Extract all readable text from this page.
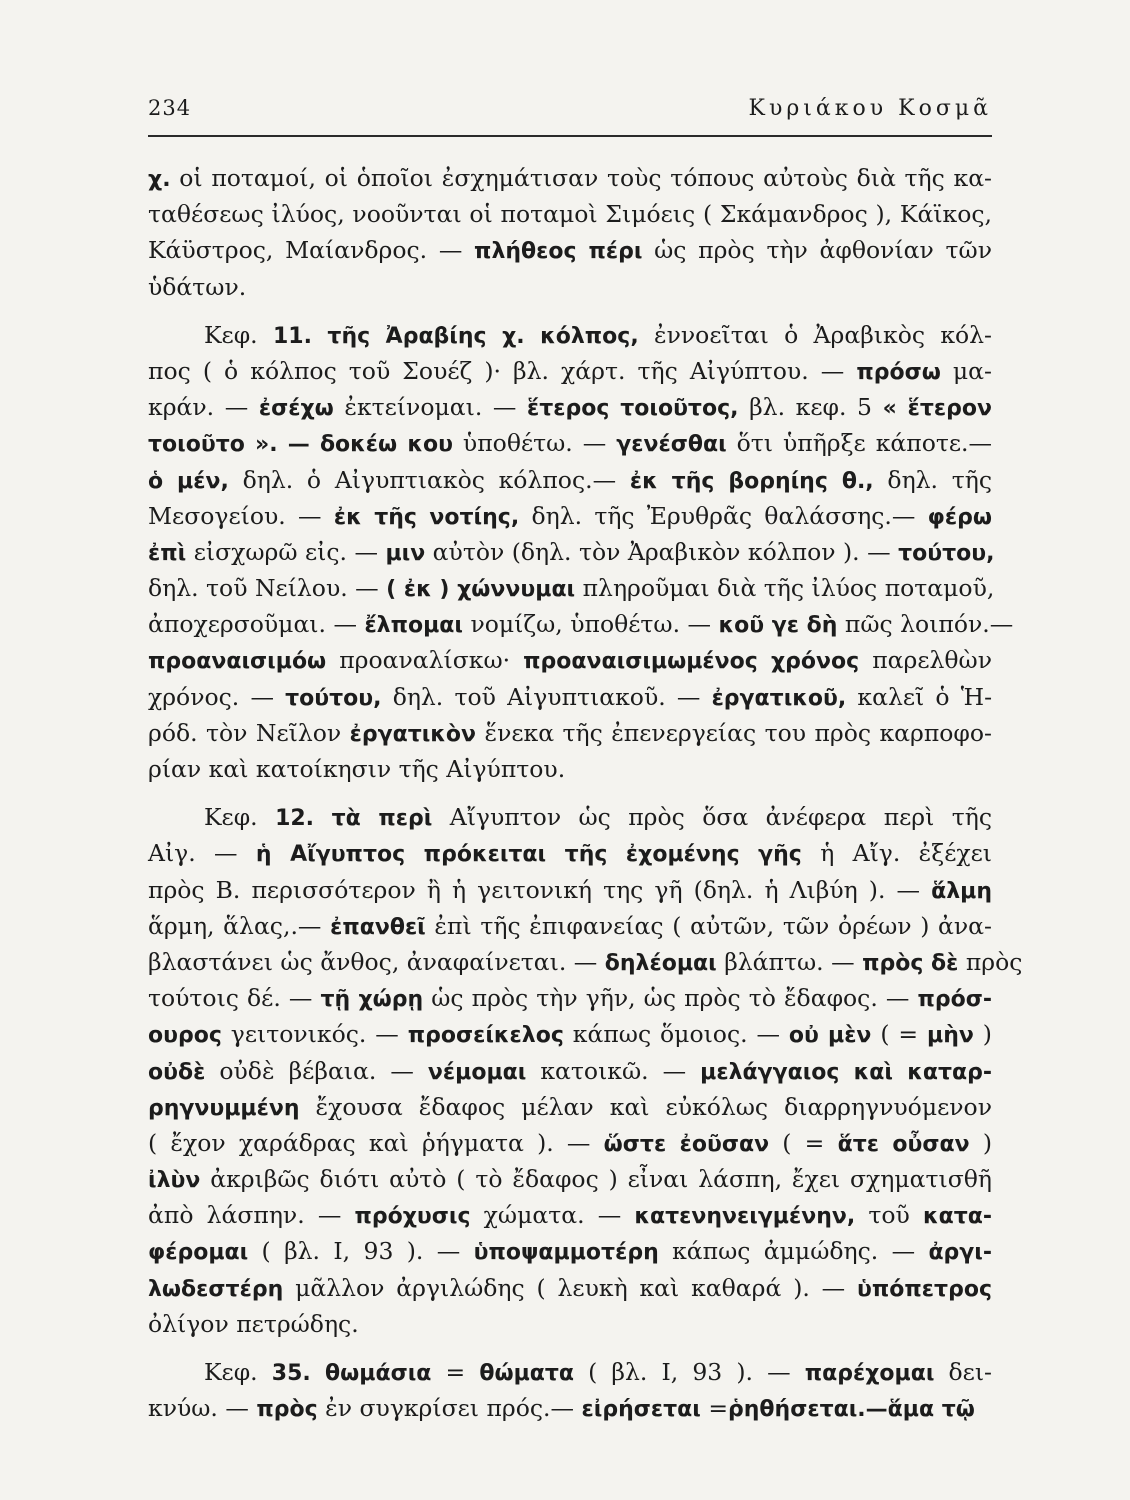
234	Κυριάκου Κοσμᾶ
χ. οἱ ποταμοί, οἱ ὁποῖοι ἐσχημάτισαν τοὺς τόπους αὐτοὺς διὰ τῆς κα-
ταθέσεως ἰλύος, νοοῦνται οἱ ποταμοὶ Σιμόεις ( Σκάμανδρος ), Κάϊκος,
Κάϋστρος, Μαίανδρος. — πλήθεος πέρι ὡς πρὸς τὴν ἀφθονίαν τῶν
ὑδάτων.
Κεφ. 11. τῆς Ἀραβίης χ. κόλπος, ἐννοεῖται ὁ Ἀραβικὸς κόλ-
πος ( ὁ κόλπος τοῦ Σουέζ )· βλ. χάρτ. τῆς Αἰγύπτου. — πρόσω μα-
κράν. — ἐσέχω ἐκτείνομαι. — ἕτερος τοιοῦτος, βλ. κεφ. 5 « ἕτερον
τοιοῦτο ». — δοκέω κου ὑποθέτω. — γενέσθαι ὅτι ὑπῆρξε κάποτε.—
ὁ μέν, δηλ. ὁ Αἰγυπτιακὸς κόλπος.— ἐκ τῆς βορηίης θ., δηλ. τῆς
Μεσογείου. — ἐκ τῆς νοτίης, δηλ. τῆς Ἐρυθρᾶς θαλάσσης.— φέρω
ἐπὶ εἰσχωρῶ εἰς. — μιν αὐτὸν (δηλ. τὸν Ἀραβικὸν κόλπον ). — τούτου,
δηλ. τοῦ Νείλου. — ( ἐκ ) χώννυμαι πληροῦμαι διὰ τῆς ἰλύος ποταμοῦ,
ἀποχερσοῦμαι. — ἔλπομαι νομίζω, ὑποθέτω. — κοῦ γε δὴ πῶς λοιπόν.—
προαναισιμόω προαναλίσκω· προαναισιμωμένος χρόνος παρελθὼν
χρόνος. — τούτου, δηλ. τοῦ Αἰγυπτιακοῦ. — ἐργατικοῦ, καλεῖ ὁ Ἡ-
ρόδ. τὸν Νεῖλον ἐργατικὸν ἕνεκα τῆς ἐπενεργείας του πρὸς καρποφο-
ρίαν καὶ κατοίκησιν τῆς Αἰγύπτου.
Κεφ. 12. τὰ περὶ Αἴγυπτον ὡς πρὸς ὅσα ἀνέφερα περὶ τῆς
Αἰγ. — ἡ Αἴγυπτος πρόκειται τῆς ἐχομένης γῆς ἡ Αἴγ. ἐξέχει
πρὸς Β. περισσότερον ἢ ἡ γειτονική της γῆ (δηλ. ἡ Λιβύη ). — ἅλμη
ἅρμη, ἅλας,.— ἐπανθεῖ ἐπὶ τῆς ἐπιφανείας ( αὐτῶν, τῶν ὀρέων ) ἀνα-
βλαστάνει ὡς ἄνθος, ἀναφαίνεται. — δηλέομαι βλάπτω. — πρὸς δὲ πρὸς
τούτοις δέ. — τῇ χώρῃ ὡς πρὸς τὴν γῆν, ὡς πρὸς τὸ ἔδαφος. — πρόσ-
ουρος γειτονικός. — προσείκελος κάπως ὅμοιος. — οὐ μὲν ( = μὴν )
οὐδὲ οὐδὲ βέβαια. — νέμομαι κατοικῶ. — μελάγγαιος καὶ καταρ-
ρηγνυμμένη ἔχουσα ἔδαφος μέλαν καὶ εὐκόλως διαρρηγνυόμενον
( ἔχον χαράδρας καὶ ῥήγματα ). — ὥστε ἐοῦσαν ( = ἅτε οὖσαν )
ἰλὺν ἀκριβῶς διότι αὐτὸ ( τὸ ἔδαφος ) εἶναι λάσπη, ἔχει σχηματισθῆ
ἀπὸ λάσπην. — πρόχυσις χώματα. — κατενηνειγμένην, τοῦ κατα-
φέρομαι ( βλ. I, 93 ). — ὑποψαμμοτέρη κάπως ἀμμώδης. — ἀργι-
λωδεστέρη μᾶλλον ἀργιλώδης ( λευκὴ καὶ καθαρά ). — ὑπόπετρος
ὀλίγον πετρώδης.
Κεφ. 35. θωμάσια = θώματα ( βλ. I, 93 ). — παρέχομαι δει-
κνύω. — πρὸς ἐν συγκρίσει πρός.— εἰρήσεται =ῥηθήσεται.—ἅμα τῷ
